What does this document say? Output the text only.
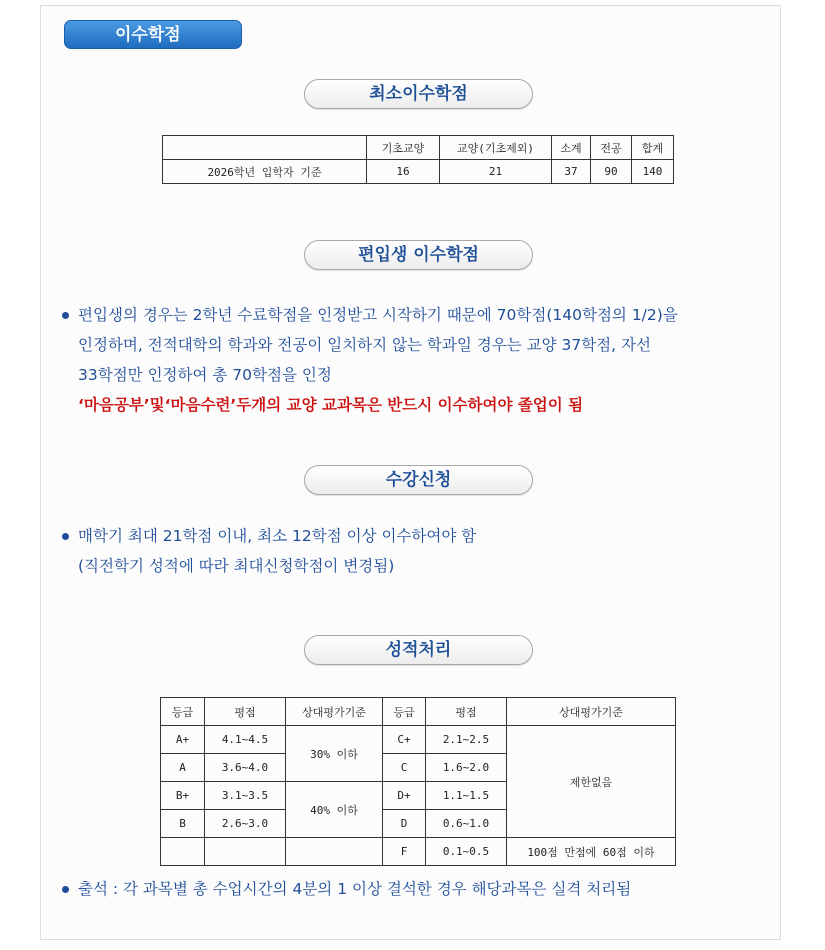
이수학점
최소이수학점
	기초교양	교양(기초제외)	소계	전공	합계
2026학년 입학자 기준	16	21	37	90	140
편입생 이수학점
편입생의 경우는 2학년 수료학점을 인정받고 시작하기 때문에 70학점(140학점의 1/2)을
인정하며, 전적대학의 학과와 전공이 일치하지 않는 학과일 경우는 교양 37학점, 자선
33학점만 인정하여 총 70학점을 인정
‘마음공부’및‘마음수련’두개의 교양 교과목은 반드시 이수하여야 졸업이 됨
수강신청
매학기 최대 21학점 이내, 최소 12학점 이상 이수하여야 함
(직전학기 성적에 따라 최대신청학점이 변경됨)
성적처리
등급	평점	상대평가기준	등급	평점	상대평가기준
A+	4.1~4.5	30% 이하	C+	2.1~2.5	제한없음
A	3.6~4.0		C	1.6~2.0	
B+	3.1~3.5	40% 이하	D+	1.1~1.5	
B	2.6~3.0		D	0.6~1.0	
			F	0.1~0.5	100점 만점에 60점 이하
출석 : 각 과목별 총 수업시간의 4분의 1 이상 결석한 경우 해당과목은 실격 처리됨
